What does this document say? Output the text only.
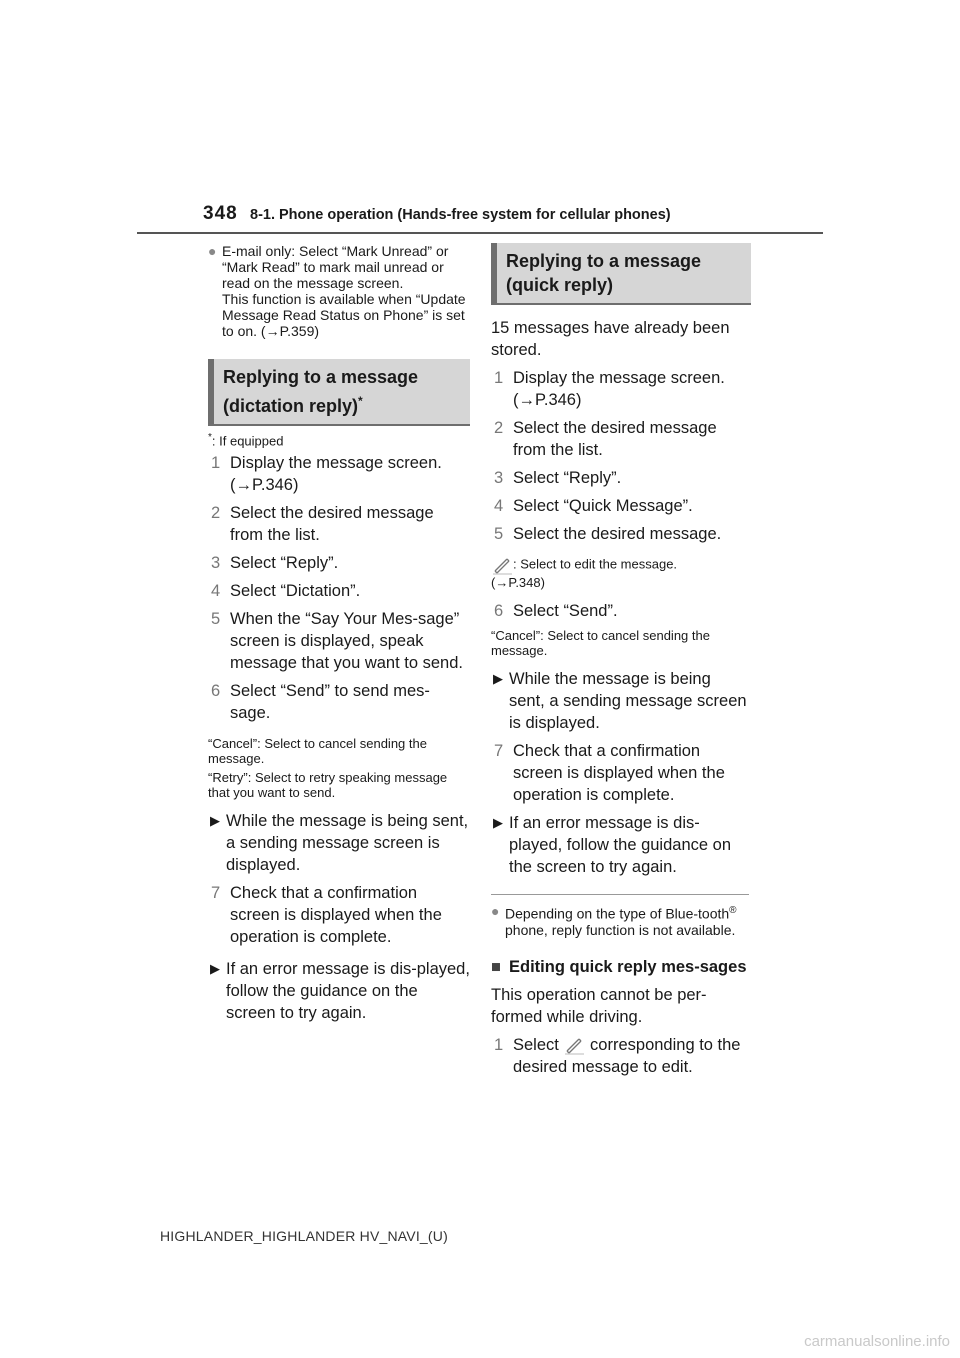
348 8-1. Phone operation (Hands-free system for cellular phones)
● E-mail only: Select “Mark Unread” or “Mark Read” to mark mail unread or read on the message screen.
This function is available when “Update Message Read Status on Phone” is set to on. (→P.359)
Replying to a message
(dictation reply)*
*: If equipped
1 Display the message screen. (→P.346)
2 Select the desired message from the list.
3 Select “Reply”.
4 Select “Dictation”.
5 When the “Say Your Mes-sage” screen is displayed, speak message that you want to send.
6 Select “Send” to send mes-sage.

“Cancel”: Select to cancel sending the message.

“Retry”: Select to retry speaking message that you want to send.

▶ While the message is being sent, a sending message screen is displayed.
7 Check that a confirmation screen is displayed when the operation is complete.
▶ If an error message is dis-played, follow the guidance on the screen to try again.
Replying to a message
(quick reply)

15 messages have already been stored.

1 Display the message screen. (→P.346)
2 Select the desired message from the list.
3 Select “Reply”.
4 Select “Quick Message”.
5 Select the desired message.

: Select to edit the message.
(→P.348)

6 Select “Send”.

“Cancel”: Select to cancel sending the message.

▶ While the message is being sent, a sending message screen is displayed.
7 Check that a confirmation screen is displayed when the operation is complete.
▶ If an error message is dis-played, follow the guidance on the screen to try again.
● Depending on the type of Blue-tooth® phone, reply function is not available.
■ Editing quick reply mes-sages

This operation cannot be per-formed while driving.

1 Select corresponding to the desired message to edit.
HIGHLANDER_HIGHLANDER HV_NAVI_(U)
carmanualsonline.info
